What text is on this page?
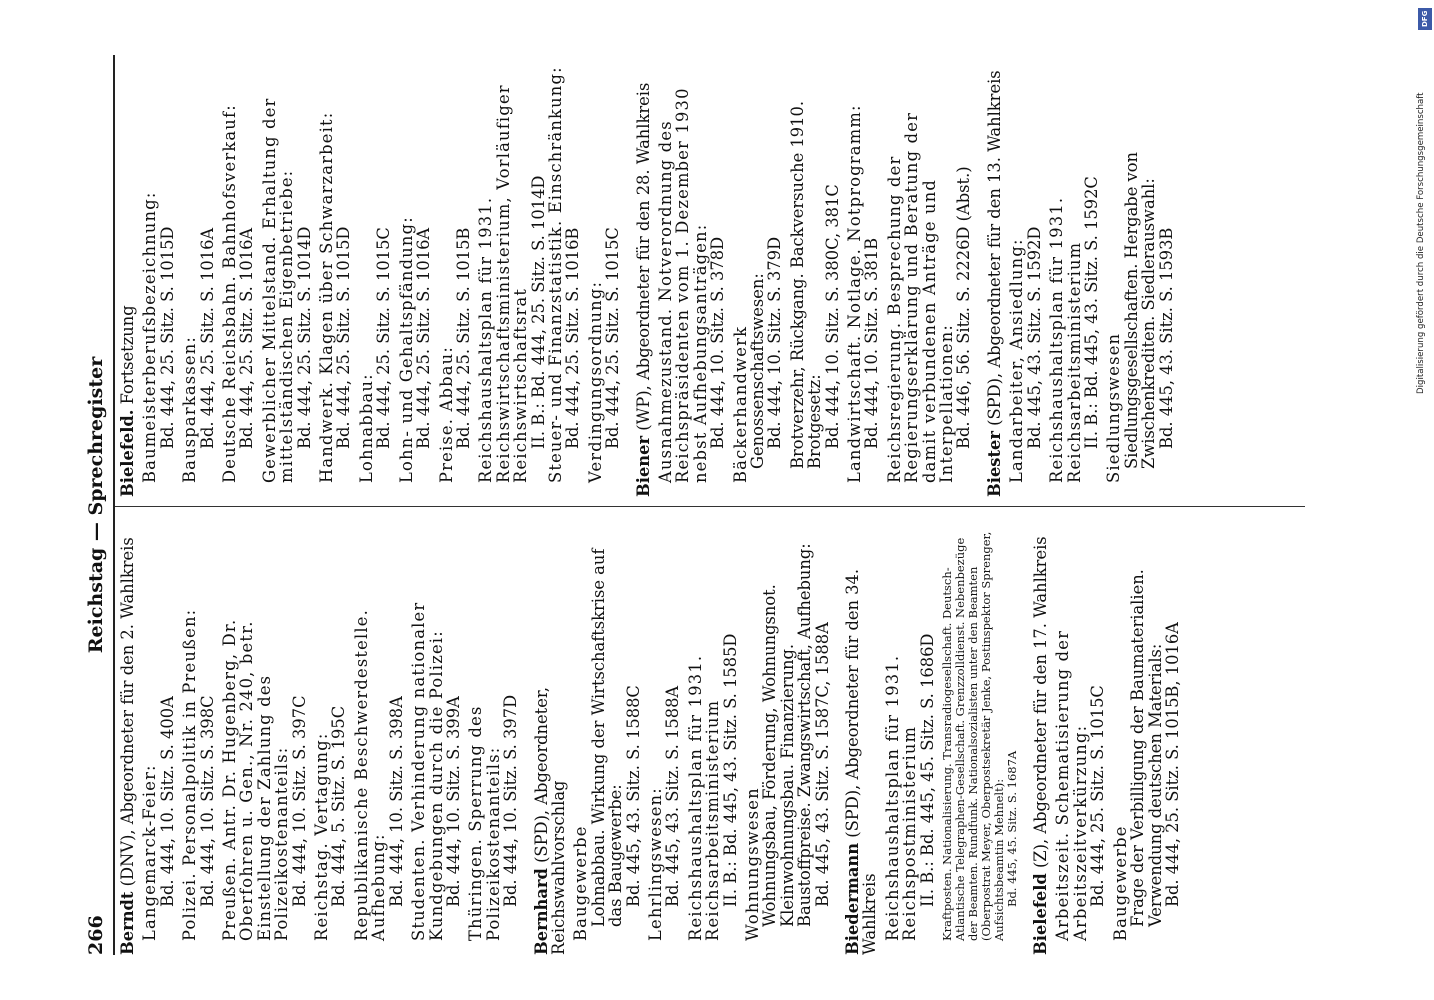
Reichstag — Sprechregister
266 Berndt (DNV), Abgeordneter für den 2. Wahlkreis Langemarck-Feier:
Bd. 444, 10. Sitz. S. 400A Polizei. Personalpolitik in Preußen:
Bd. 444, 10. Sitz. S. 398C Preußen. Antr. Dr. Hugenberg, Dr. Oberfohren u. Gen., Nr. 240, betr. Einstellung der Zahlung des Polizeikostenanteils:
Bd. 444, 10. Sitz. S. 397C Reichstag. Vertagung:
Bd. 444, 5. Sitz. S. 195C Republikanische Beschwerdestelle. Aufhebung:
Bd. 444, 10. Sitz. S. 398A Studenten. Verhinderung nationaler Kundgebungen durch die Polizei:
Bd. 444, 10. Sitz. S. 399A Thüringen. Sperrung des Polizeikostenanteils:
Bd. 444, 10. Sitz. S. 397D
Bernhard (SPD), Abgeordneter, Reichswahlvorschlag Baugewerbe
Lohnabbau. Wirkung der Wirtschaftskrise auf das Baugewerbe:
Bd. 445, 43. Sitz. S. 1588C Lehrlingswesen:
Bd. 445, 43. Sitz. S. 1588A Reichshaushaltsplan für 1931. Reichsarbeitsministerium
II. B.: Bd. 445, 43. Sitz. S. 1585D Wohnungswesen
Wohnungsbau, Förderung, Wohnungsnot. Kleinwohnungsbau. Finanzierung. Baustoffpreise. Zwangswirtschaft, Aufhebung:
Bd. 445, 43. Sitz. S. 1587C, 1588A Biedermann (SPD), Abgeordneter für den 34. Wahlkreis Reichshaushaltsplan für 1931. Reichspostministerium
II. B.: Bd. 445, 45. Sitz. S. 1686D Kraftposten. Nationalisierung. Transradiogesellschaft. Deutsch-Atlantische Telegraphen-Gesellschaft. Grenzzolldienst. Nebenbezüge der Beamten. Rundfunk. Nationalsozialisten unter den Beamten (Oberpostrat Meyer, Oberpostsekretär Jenke, Postinspektor Sprenger, Aufsichtsbeamtin Mehnelt): Bd. 445, 45. Sitz. S. 1687A
Bielefeld (Z), Abgeordneter für den 17. Wahlkreis Arbeitszeit. Schematisierung der Arbeitszeitverkürzung:
Bd. 444, 25. Sitz. S. 1015C Baugewerbe
Frage der Verbilligung der Baumaterialien. Verwendung deutschen Materials:
Bd. 444, 25. Sitz. S. 1015B, 1016A
Bielefeld. Fortsetzung Baumeisterberufsbezeichnung:
Bd. 444, 25. Sitz. S. 1015D Bausparkassen:
Bd. 444, 25. Sitz. S. 1016A Deutsche Reichsbahn. Bahnhofsverkauf:
Bd. 444, 25. Sitz. S. 1016A Gewerblicher Mittelstand. Erhaltung der mittelständischen Eigenbetriebe:
Bd. 444, 25. Sitz. S. 1014D Handwerk. Klagen über Schwarzarbeit:
Bd. 444, 25. Sitz. S. 1015D Lohnabbau:
Bd. 444, 25. Sitz. S. 1015C Lohn- und Gehaltspfändung:
Bd. 444, 25. Sitz. S. 1016A Preise. Abbau:
Bd. 444, 25. Sitz. S. 1015B Reichshaushaltsplan für 1931. Reichswirtschaftsministerium, Vorläufiger Reichswirtschaftsrat
II. B.: Bd. 444, 25. Sitz. S. 1014D
Steuer- und Finanzstatistik. Einschränkung:
Bd. 444, 25. Sitz. S. 1016B Verdingungsordnung:
Bd. 444, 25. Sitz. S. 1015C
Biener (WP), Abgeordneter für den 28. Wahlkreis Ausnahmezustand. Notverordnung des Reichspräsidenten vom 1. Dezember 1930 nebst Aufhebungsanträgen:
Bd. 444, 10. Sitz. S. 378D Bäckerhandwerk
Genossenschaftswesen:
Bd. 444, 10. Sitz. S. 379D Brotverzehr, Rückgang. Backversuche 1910. Brotgesetz:
Bd. 444, 10. Sitz. S. 380C, 381C Landwirtschaft. Notlage. Notprogramm:
Bd. 444, 10. Sitz. S. 381B Reichsregierung. Besprechung der Regierungserklärung und Beratung der damit verbundenen Anträge und Interpellationen:
Bd. 446, 56. Sitz. S. 2226D (Abst.)
Biester (SPD), Abgeordneter für den 13. Wahlkreis Landarbeiter, Ansiedlung:
Bd. 445, 43. Sitz. S. 1592D Reichshaushaltsplan für 1931. Reichsarbeitsministerium
II. B.: Bd. 445, 43. Sitz. S. 1592C Siedlungswesen
Siedlungsgesellschaften. Hergabe von Zwischenkrediten. Siedlerauswahl:
Bd. 445, 43. Sitz. S. 1593B
DFG
Digitalisierung gefördert durch die Deutsche Forschungsgemeinschaft
